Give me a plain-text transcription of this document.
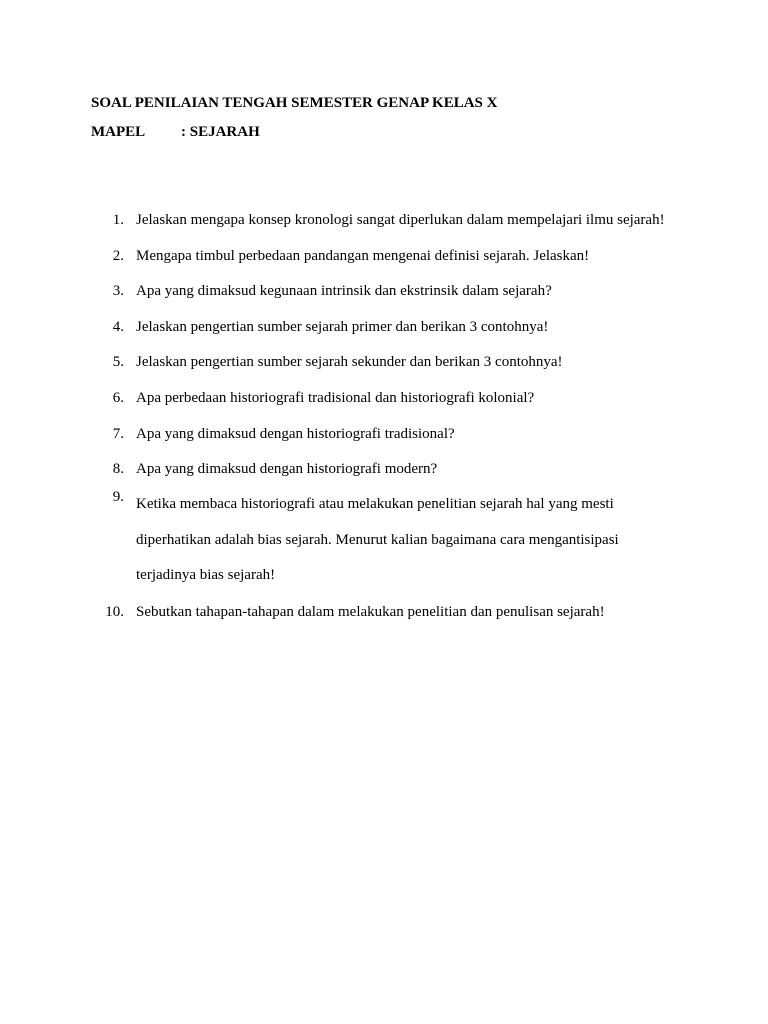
SOAL PENILAIAN TENGAH SEMESTER GENAP KELAS X
MAPEL : SEJARAH
1. Jelaskan mengapa konsep kronologi sangat diperlukan dalam mempelajari ilmu sejarah!
2. Mengapa timbul perbedaan pandangan mengenai definisi sejarah. Jelaskan!
3. Apa yang dimaksud kegunaan intrinsik dan ekstrinsik dalam sejarah?
4. Jelaskan pengertian sumber sejarah primer dan berikan 3 contohnya!
5. Jelaskan pengertian sumber sejarah sekunder dan berikan 3 contohnya!
6. Apa perbedaan historiografi tradisional dan historiografi kolonial?
7. Apa yang dimaksud dengan historiografi tradisional?
8. Apa yang dimaksud dengan historiografi modern?
9. Ketika membaca historiografi atau melakukan penelitian sejarah hal yang mesti diperhatikan adalah bias sejarah. Menurut kalian bagaimana cara mengantisipasi terjadinya bias sejarah!
10. Sebutkan tahapan-tahapan dalam melakukan penelitian dan penulisan sejarah!
